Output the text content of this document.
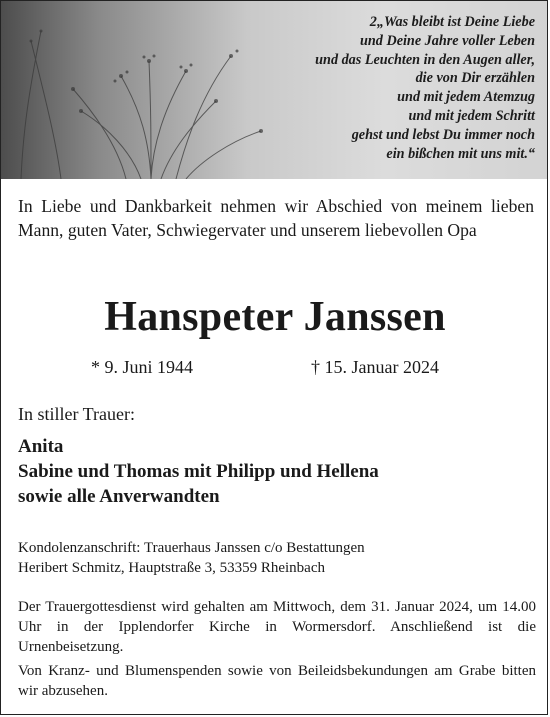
2„Was bleibt ist Deine Liebe
und Deine Jahre voller Leben
und das Leuchten in den Augen aller,
die von Dir erzählen
und mit jedem Atemzug
und mit jedem Schritt
gehst und lebst Du immer noch
ein bißchen mit uns mit.“
In Liebe und Dankbarkeit nehmen wir Abschied von meinem lieben Mann, guten Vater, Schwiegervater und unserem liebevollen Opa
Hanspeter Janssen
* 9. Juni 1944	† 15. Januar 2024
In stiller Trauer:
Anita
Sabine und Thomas mit Philipp und Hellena
sowie alle Anverwandten
Kondolenzanschrift: Trauerhaus Janssen c/o Bestattungen
Heribert Schmitz, Hauptstraße 3, 53359 Rheinbach
Der Trauergottesdienst wird gehalten am Mittwoch, dem 31. Januar 2024, um 14.00 Uhr in der Ipplendorfer Kirche in Wormersdorf. Anschließend ist die Urnenbeisetzung.
Von Kranz- und Blumenspenden sowie von Beileidsbekundungen am Grabe bitten wir abzusehen.
